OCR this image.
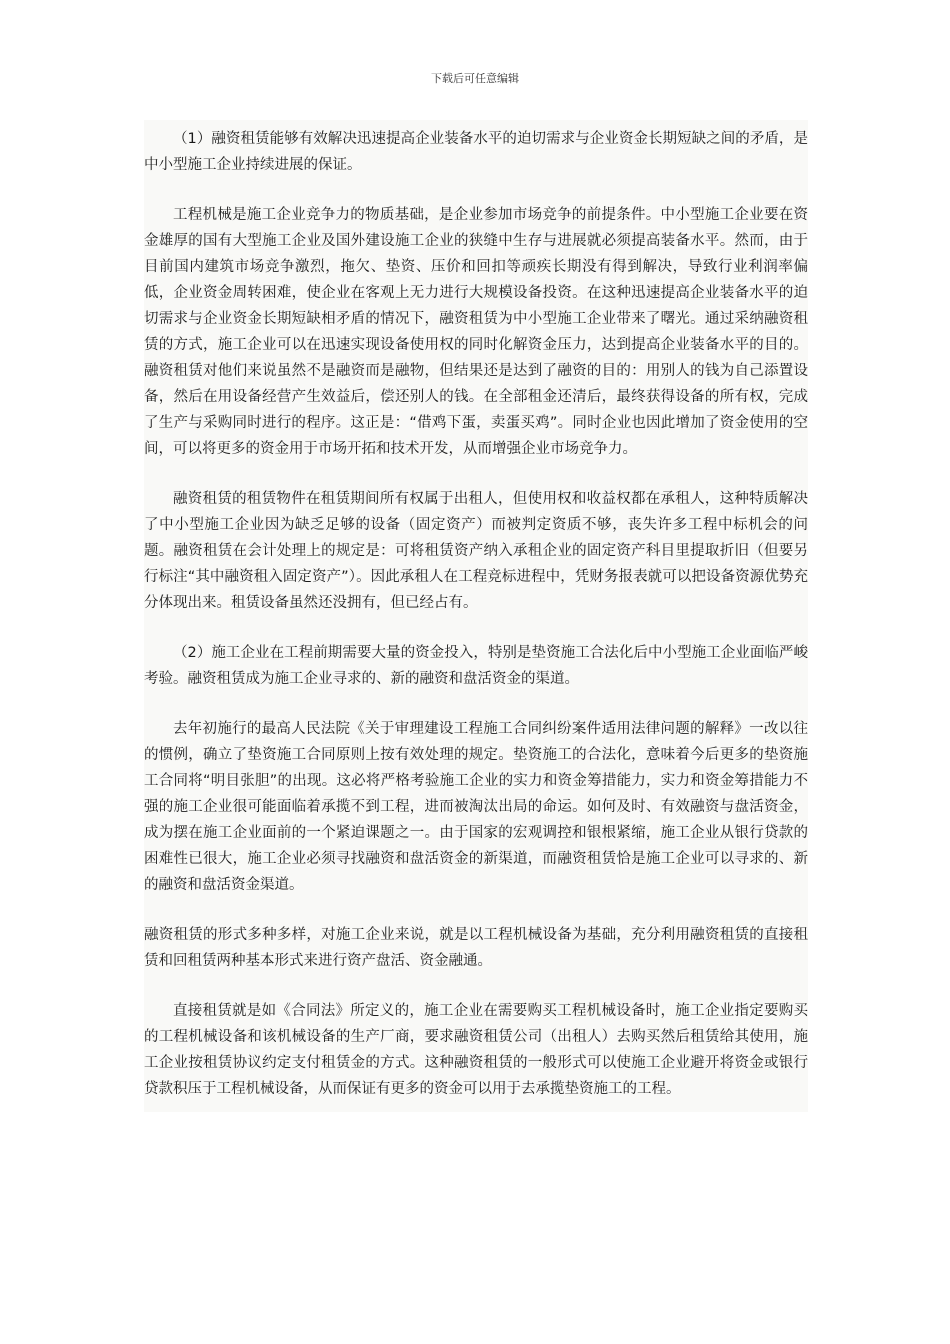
下载后可任意编辑

（1）融资租赁能够有效解决迅速提高企业装备水平的迫切需求与企业资金长期短缺之间的矛盾，是中小型施工企业持续进展的保证。

工程机械是施工企业竞争力的物质基础，是企业参加市场竞争的前提条件。中小型施工企业要在资金雄厚的国有大型施工企业及国外建设施工企业的狭缝中生存与进展就必须提高装备水平。然而，由于目前国内建筑市场竞争激烈，拖欠、垫资、压价和回扣等顽疾长期没有得到解决，导致行业利润率偏低，企业资金周转困难，使企业在客观上无力进行大规模设备投资。在这种迅速提高企业装备水平的迫切需求与企业资金长期短缺相矛盾的情况下，融资租赁为中小型施工企业带来了曙光。通过采纳融资租赁的方式，施工企业可以在迅速实现设备使用权的同时化解资金压力，达到提高企业装备水平的目的。融资租赁对他们来说虽然不是融资而是融物，但结果还是达到了融资的目的：用别人的钱为自己添置设备，然后在用设备经营产生效益后，偿还别人的钱。在全部租金还清后，最终获得设备的所有权，完成了生产与采购同时进行的程序。这正是：“借鸡下蛋，卖蛋买鸡”。同时企业也因此增加了资金使用的空间，可以将更多的资金用于市场开拓和技术开发，从而增强企业市场竞争力。

融资租赁的租赁物件在租赁期间所有权属于出租人，但使用权和收益权都在承租人，这种特质解决了中小型施工企业因为缺乏足够的设备（固定资产）而被判定资质不够，丧失许多工程中标机会的问题。融资租赁在会计处理上的规定是：可将租赁资产纳入承租企业的固定资产科目里提取折旧（但要另行标注“其中融资租入固定资产”）。因此承租人在工程竞标进程中，凭财务报表就可以把设备资源优势充分体现出来。租赁设备虽然还没拥有，但已经占有。

（2）施工企业在工程前期需要大量的资金投入，特别是垫资施工合法化后中小型施工企业面临严峻考验。融资租赁成为施工企业寻求的、新的融资和盘活资金的渠道。

去年初施行的最高人民法院《关于审理建设工程施工合同纠纷案件适用法律问题的解释》一改以往的惯例，确立了垫资施工合同原则上按有效处理的规定。垫资施工的合法化，意味着今后更多的垫资施工合同将“明目张胆”的出现。这必将严格考验施工企业的实力和资金筹措能力，实力和资金筹措能力不强的施工企业很可能面临着承揽不到工程，进而被淘汰出局的命运。如何及时、有效融资与盘活资金，成为摆在施工企业面前的一个紧迫课题之一。由于国家的宏观调控和银根紧缩，施工企业从银行贷款的困难性已很大，施工企业必须寻找融资和盘活资金的新渠道，而融资租赁恰是施工企业可以寻求的、新的融资和盘活资金渠道。

融资租赁的形式多种多样，对施工企业来说，就是以工程机械设备为基础，充分利用融资租赁的直接租赁和回租赁两种基本形式来进行资产盘活、资金融通。

直接租赁就是如《合同法》所定义的，施工企业在需要购买工程机械设备时，施工企业指定要购买的工程机械设备和该机械设备的生产厂商，要求融资租赁公司（出租人）去购买然后租赁给其使用，施工企业按租赁协议约定支付租赁金的方式。这种融资租赁的一般形式可以使施工企业避开将资金或银行贷款积压于工程机械设备，从而保证有更多的资金可以用于去承揽垫资施工的工程。
